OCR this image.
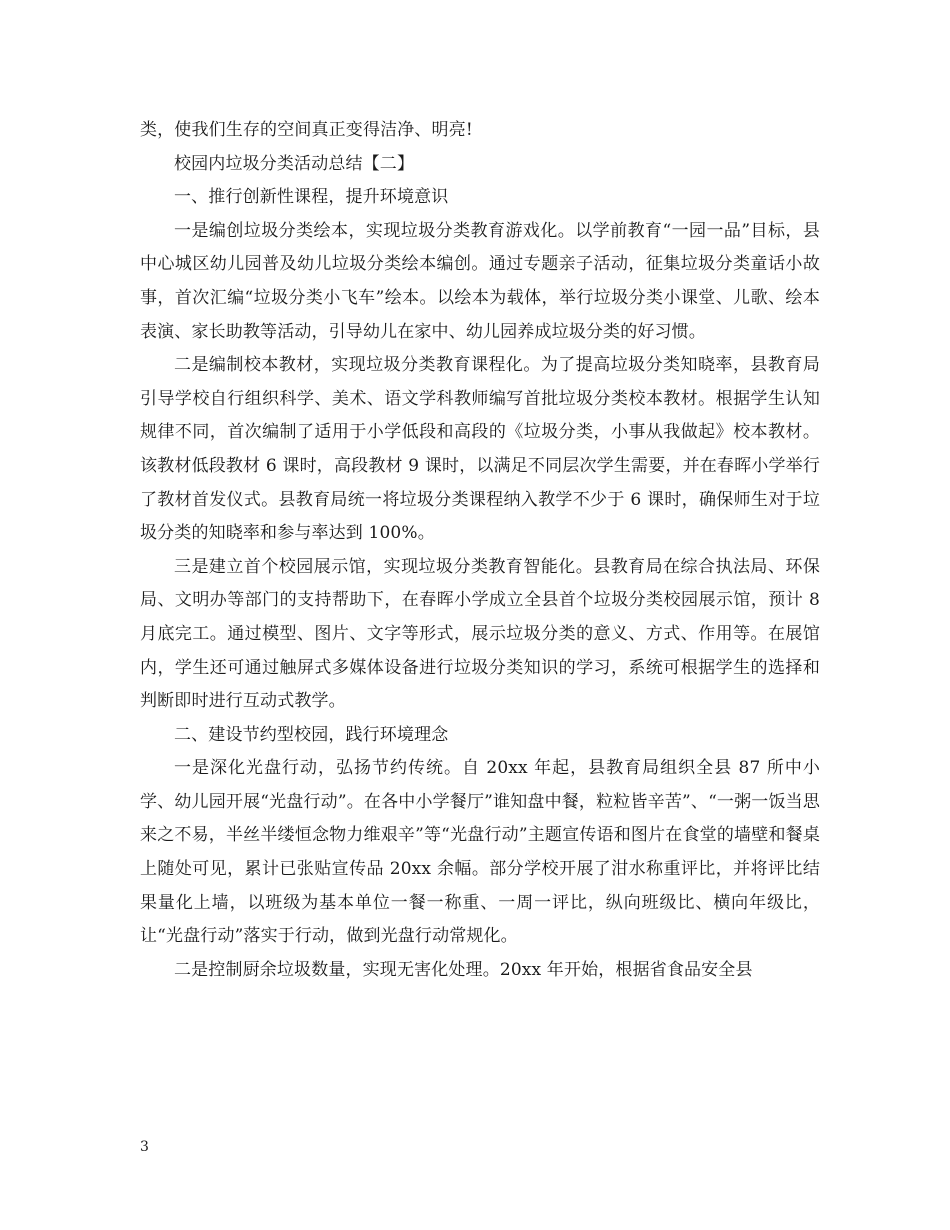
类，使我们生存的空间真正变得洁净、明亮!

校园内垃圾分类活动总结【二】

一、推行创新性课程，提升环境意识

一是编创垃圾分类绘本，实现垃圾分类教育游戏化。以学前教育“一园一品”目标，县中心城区幼儿园普及幼儿垃圾分类绘本编创。通过专题亲子活动，征集垃圾分类童话小故事，首次汇编“垃圾分类小飞车”绘本。以绘本为载体，举行垃圾分类小课堂、儿歌、绘本表演、家长助教等活动，引导幼儿在家中、幼儿园养成垃圾分类的好习惯。

二是编制校本教材，实现垃圾分类教育课程化。为了提高垃圾分类知晓率，县教育局引导学校自行组织科学、美术、语文学科教师编写首批垃圾分类校本教材。根据学生认知规律不同，首次编制了适用于小学低段和高段的《垃圾分类，小事从我做起》校本教材。该教材低段教材 6 课时，高段教材 9 课时，以满足不同层次学生需要，并在春晖小学举行了教材首发仪式。县教育局统一将垃圾分类课程纳入教学不少于 6 课时，确保师生对于垃圾分类的知晓率和参与率达到 100%。

三是建立首个校园展示馆，实现垃圾分类教育智能化。县教育局在综合执法局、环保局、文明办等部门的支持帮助下，在春晖小学成立全县首个垃圾分类校园展示馆，预计 8 月底完工。通过模型、图片、文字等形式，展示垃圾分类的意义、方式、作用等。在展馆内，学生还可通过触屏式多媒体设备进行垃圾分类知识的学习，系统可根据学生的选择和判断即时进行互动式教学。

二、建设节约型校园，践行环境理念

一是深化光盘行动，弘扬节约传统。自 20xx 年起，县教育局组织全县 87 所中小学、幼儿园开展“光盘行动”。在各中小学餐厅”谁知盘中餐，粒粒皆辛苦”、“一粥一饭当思来之不易，半丝半缕恒念物力维艰辛”等“光盘行动”主题宣传语和图片在食堂的墙壁和餐桌上随处可见，累计已张贴宣传品 20xx 余幅。部分学校开展了泔水称重评比，并将评比结果量化上墙，以班级为基本单位一餐一称重、一周一评比，纵向班级比、横向年级比，让“光盘行动”落实于行动，做到光盘行动常规化。

二是控制厨余垃圾数量，实现无害化处理。20xx 年开始，根据省食品安全县

3
